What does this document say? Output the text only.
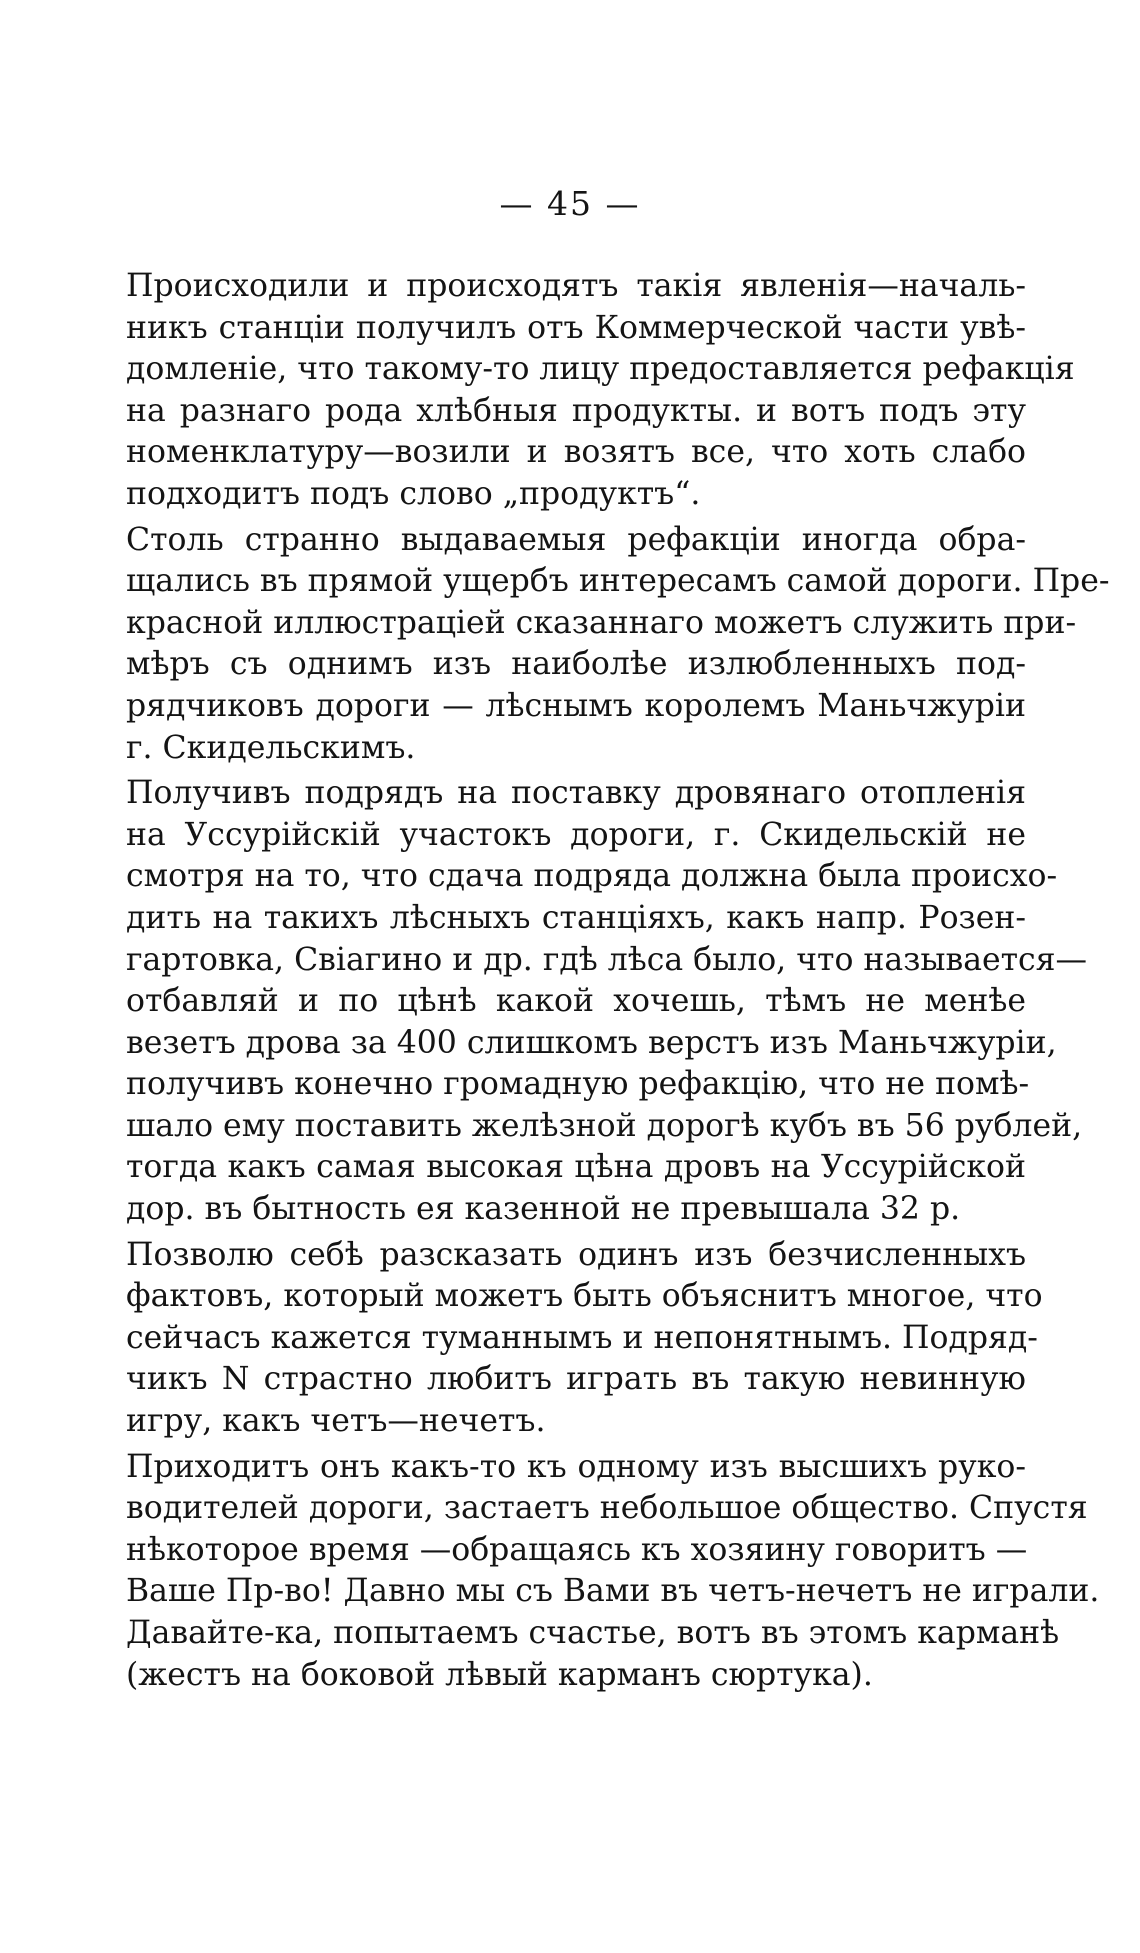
— 45 —
Происходили и происходятъ такія явленія—началь-
никъ станціи получилъ отъ Коммерческой части увѣ-
домленіе, что такому-то лицу предоставляется рефакція
на разнаго рода хлѣбныя продукты. и вотъ подъ эту
номенклатуру—возили и возятъ все, что хоть слабо
подходитъ подъ слово „продуктъ“.
Столь странно выдаваемыя рефакціи иногда обра-
щались въ прямой ущербъ интересамъ самой дороги. Пре-
красной иллюстраціей сказаннаго можетъ служить при-
мѣръ съ однимъ изъ наиболѣе излюбленныхъ под-
рядчиковъ дороги — лѣснымъ королемъ Маньчжуріи
г. Скидельскимъ.
Получивъ подрядъ на поставку дровянаго отопленія
на Уссурійскій участокъ дороги, г. Скидельскій не
смотря на то, что сдача подряда должна была происхо-
дить на такихъ лѣсныхъ станціяхъ, какъ напр. Розен-
гартовка, Свіагино и др. гдѣ лѣса было, что называется—
отбавляй и по цѣнѣ какой хочешь, тѣмъ не менѣе
везетъ дрова за 400 слишкомъ верстъ изъ Маньчжуріи,
получивъ конечно громадную рефакцію, что не помѣ-
шало ему поставить желѣзной дорогѣ кубъ въ 56 рублей,
тогда какъ самая высокая цѣна дровъ на Уссурійской
дор. въ бытность ея казенной не превышала 32 р.
Позволю себѣ разсказать одинъ изъ безчисленныхъ
фактовъ, который можетъ быть объяснитъ многое, что
сейчасъ кажется туманнымъ и непонятнымъ. Подряд-
чикъ N страстно любитъ играть въ такую невинную
игру, какъ четъ—нечетъ.
Приходитъ онъ какъ-то къ одному изъ высшихъ руко-
водителей дороги, застаетъ небольшое общество. Спустя
нѣкоторое время —обращаясь къ хозяину говоритъ —
Ваше Пр-во! Давно мы съ Вами въ четъ-нечетъ не играли.
Давайте-ка, попытаемъ счастье, вотъ въ этомъ карманѣ
(жестъ на боковой лѣвый карманъ сюртука).
